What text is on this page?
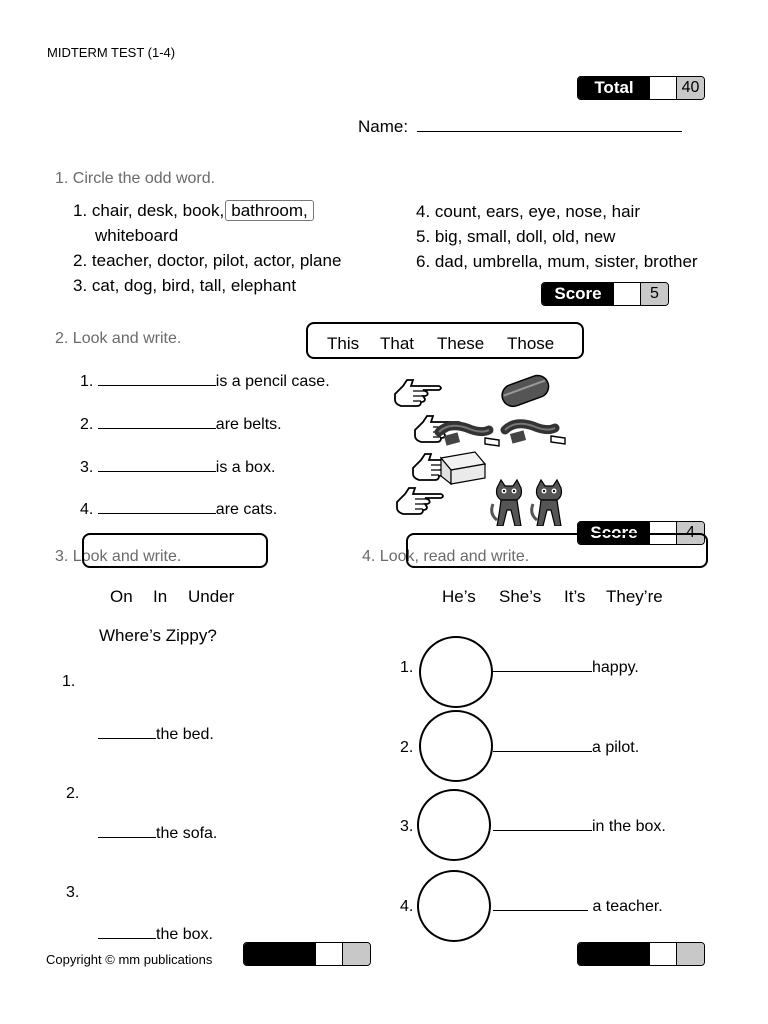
MIDTERM TEST (1-4)
Total	40
Name:
1. Circle the odd word.
1. chair, desk, book, bathroom,
whiteboard
2. teacher, doctor, pilot, actor, plane
3. cat, dog, bird, tall, elephant
4. count, ears, eye, nose, hair
5. big, small, doll, old, new
6. dad, umbrella, mum, sister, brother
Score	5
2. Look and write.	This That These Those
1.	is a pencil case.
2.	are belts.
3.	is a box.
4.	are cats.
Score	4
3. Look and write.
On In Under
Where’s Zippy?
1.
the bed.
2.
the sofa.
3.
the box.
4. Look, read and write.
He’s She’s It’s They’re
1.	happy.
2.	a pilot.
3.	in the box.
4.	a teacher.
Copyright © mm publications
